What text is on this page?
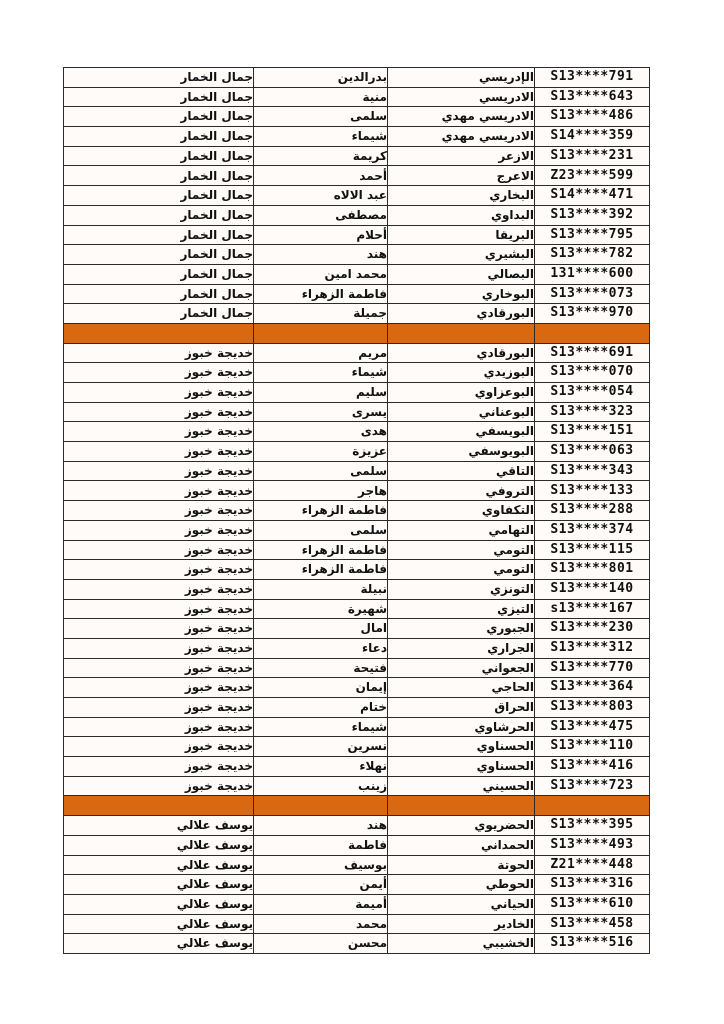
جمال الخمار	بدرالدين	الإدريسي	S13****791
جمال الخمار	منية	الادريسي	S13****643
جمال الخمار	سلمى	الادريسي مهدي	S13****486
جمال الخمار	شيماء	الادريسي مهدي	S14****359
جمال الخمار	كريمة	الازعر	S13****231
جمال الخمار	أحمد	الاعرج	Z23****599
جمال الخمار	عبد الالاه	البخاري	S14****471
جمال الخمار	مصطفى	البداوي	S13****392
جمال الخمار	أحلام	البريقا	S13****795
جمال الخمار	هند	البشيري	S13****782
جمال الخمار	محمد امين	البصالي	131****600
جمال الخمار	فاطمة الزهراء	البوخاري	S13****073
جمال الخمار	جميلة	البورقادي	S13****970

خديجة خبوز	مريم	البورقادي	S13****691
خديجة خبوز	شيماء	البوزيدي	S13****070
خديجة خبوز	سليم	البوعزاوي	S13****054
خديجة خبوز	يسرى	البوعناني	S13****323
خديجة خبوز	هدى	البويسفي	S13****151
خديجة خبوز	عزيزة	البويوسفي	S13****063
خديجة خبوز	سلمى	التاقي	S13****343
خديجة خبوز	هاجر	التروفي	S13****133
خديجة خبوز	فاطمة الزهراء	التكفاوي	S13****288
خديجة خبوز	سلمى	التهامي	S13****374
خديجة خبوز	فاطمة الزهراء	التومي	S13****115
خديجة خبوز	فاطمة الزهراء	التومي	S13****801
خديجة خبوز	نبيلة	التونزي	S13****140
خديجة خبوز	شهيرة	التيزي	s13****167
خديجة خبوز	امال	الجبوري	S13****230
خديجة خبوز	دعاء	الجراري	S13****312
خديجة خبوز	فتيحة	الجعواني	S13****770
خديجة خبوز	إيمان	الحاجي	S13****364
خديجة خبوز	ختام	الحراق	S13****803
خديجة خبوز	شيماء	الحرشاوي	S13****475
خديجة خبوز	نسرين	الحسناوي	S13****110
خديجة خبوز	نهلاء	الحسناوي	S13****416
خديجة خبوز	زينب	الحسيني	S13****723

يوسف علالي	هند	الحضريوي	S13****395
يوسف علالي	فاطمة	الحمداني	S13****493
يوسف علالي	بوسيف	الحوتة	Z21****448
يوسف علالي	أيمن	الحوطي	S13****316
يوسف علالي	أميمة	الحياني	S13****610
يوسف علالي	محمد	الخادير	S13****458
يوسف علالي	محسن	الخشيبي	S13****516
